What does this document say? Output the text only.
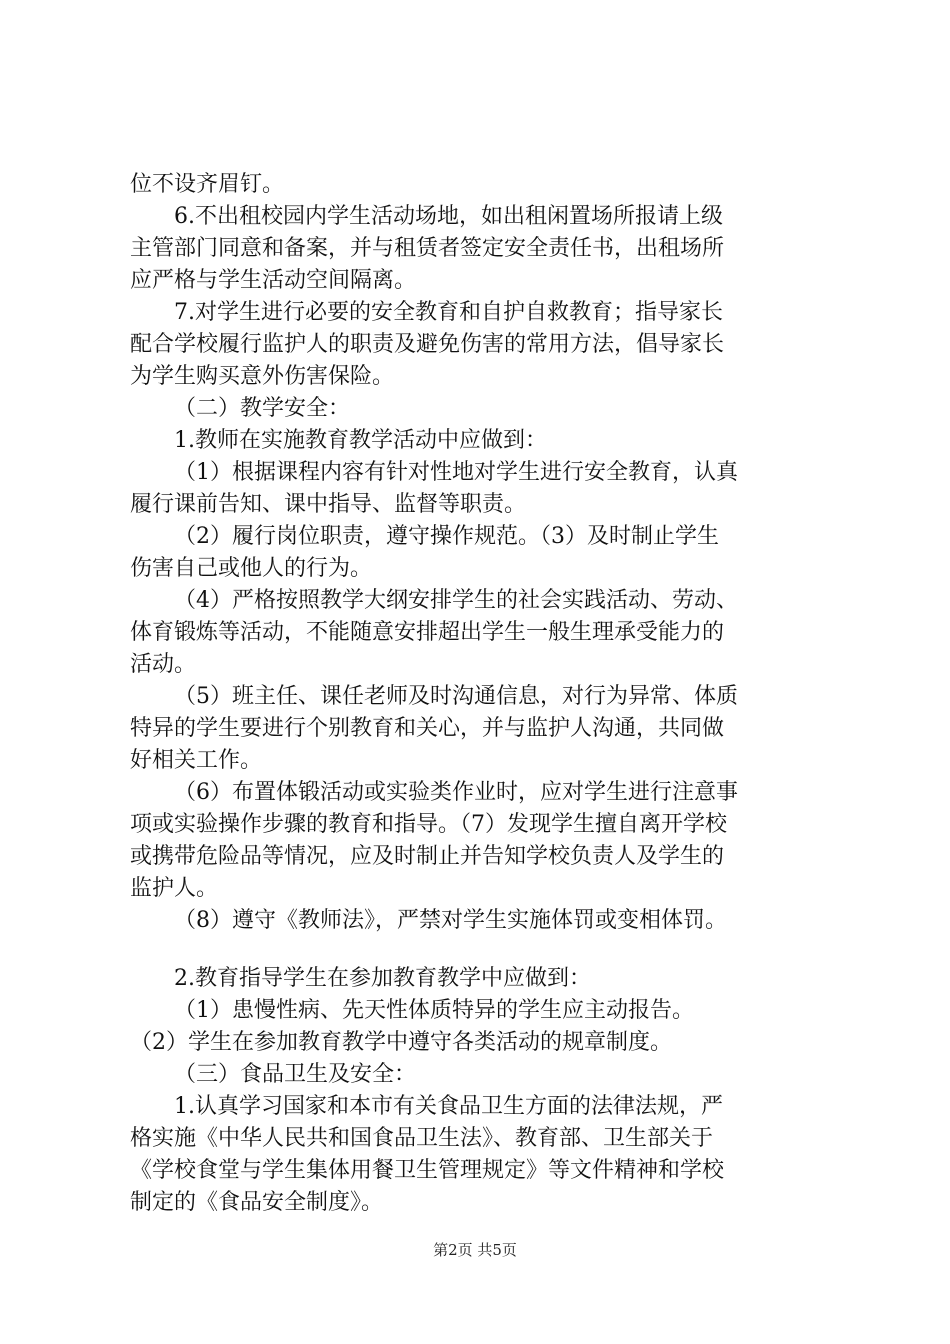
位不设齐眉钉。
6.不出租校园内学生活动场地，如出租闲置场所报请上级
主管部门同意和备案，并与租赁者签定安全责任书，出租场所
应严格与学生活动空间隔离。
7.对学生进行必要的安全教育和自护自救教育；指导家长
配合学校履行监护人的职责及避免伤害的常用方法，倡导家长
为学生购买意外伤害保险。
（二）教学安全：
1.教师在实施教育教学活动中应做到：
（1）根据课程内容有针对性地对学生进行安全教育，认真
履行课前告知、课中指导、监督等职责。
（2）履行岗位职责，遵守操作规范。（3）及时制止学生
伤害自己或他人的行为。
（4）严格按照教学大纲安排学生的社会实践活动、劳动、
体育锻炼等活动，不能随意安排超出学生一般生理承受能力的
活动。
（5）班主任、课任老师及时沟通信息，对行为异常、体质
特异的学生要进行个别教育和关心，并与监护人沟通，共同做
好相关工作。
（6）布置体锻活动或实验类作业时，应对学生进行注意事
项或实验操作步骤的教育和指导。（7）发现学生擅自离开学校
或携带危险品等情况，应及时制止并告知学校负责人及学生的
监护人。
（8）遵守《教师法》，严禁对学生实施体罚或变相体罚。
2.教育指导学生在参加教育教学中应做到：
（1）患慢性病、先天性体质特异的学生应主动报告。
（2）学生在参加教育教学中遵守各类活动的规章制度。
（三）食品卫生及安全：
1.认真学习国家和本市有关食品卫生方面的法律法规，严
格实施《中华人民共和国食品卫生法》、教育部、卫生部关于
《学校食堂与学生集体用餐卫生管理规定》等文件精神和学校
制定的《食品安全制度》。
第2页 共5页
